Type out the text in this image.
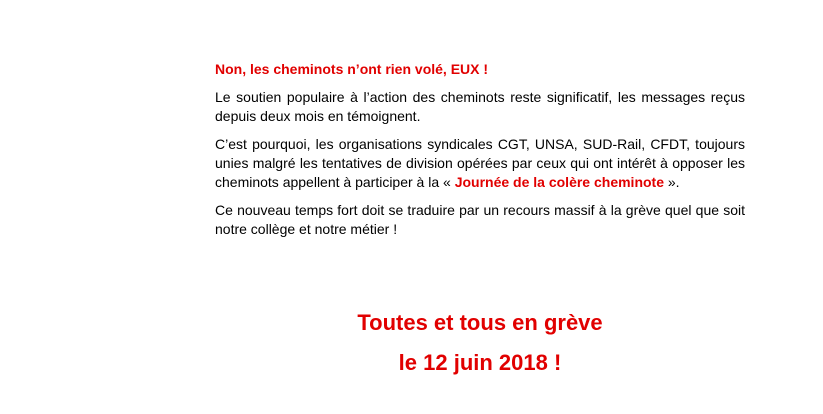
Non, les cheminots n’ont rien volé, EUX !

Le soutien populaire à l’action des cheminots reste significatif, les messages reçus depuis deux mois en témoignent.

C’est pourquoi, les organisations syndicales CGT, UNSA, SUD-Rail, CFDT, toujours unies malgré les tentatives de division opérées par ceux qui ont intérêt à opposer les cheminots appellent à participer à la « Journée de la colère cheminote ».

Ce nouveau temps fort doit se traduire par un recours massif à la grève quel que soit notre collège et notre métier !

Toutes et tous en grève
le 12 juin 2018 !
